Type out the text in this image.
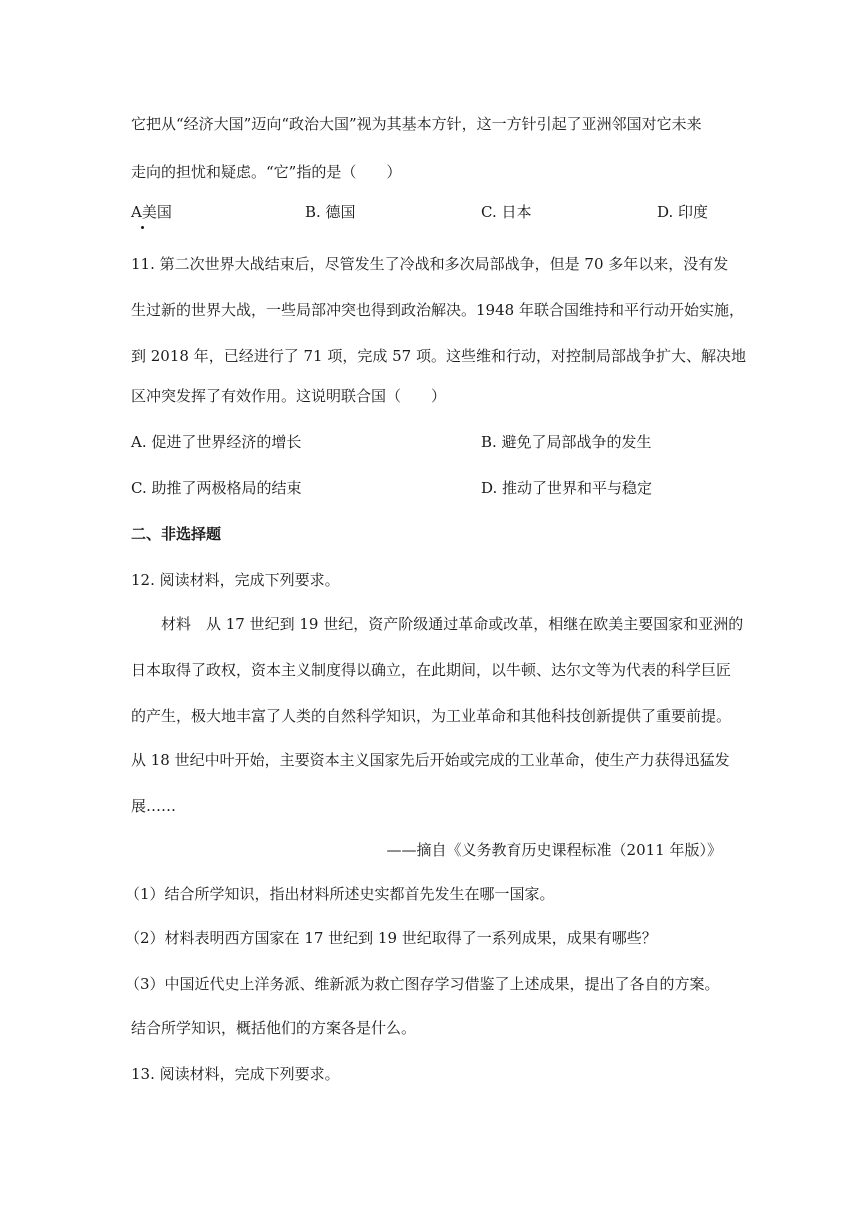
它把从“经济大国”迈向“政治大国”视为其基本方针，这一方针引起了亚洲邻国对它未来
走向的担忧和疑虑。“它”指的是（　　）
A美国	B. 德国	C. 日本	D. 印度
11. 第二次世界大战结束后，尽管发生了冷战和多次局部战争，但是 70 多年以来，没有发
生过新的世界大战，一些局部冲突也得到政治解决。1948 年联合国维持和平行动开始实施，
到 2018 年，已经进行了 71 项，完成 57 项。这些维和行动，对控制局部战争扩大、解决地
区冲突发挥了有效作用。这说明联合国（　　）
A. 促进了世界经济的增长	B. 避免了局部战争的发生
C. 助推了两极格局的结束	D. 推动了世界和平与稳定
二、非选择题
12. 阅读材料，完成下列要求。
材料　从 17 世纪到 19 世纪，资产阶级通过革命或改革，相继在欧美主要国家和亚洲的
日本取得了政权，资本主义制度得以确立，在此期间，以牛顿、达尔文等为代表的科学巨匠
的产生，极大地丰富了人类的自然科学知识，为工业革命和其他科技创新提供了重要前提。
从 18 世纪中叶开始，主要资本主义国家先后开始或完成的工业革命，使生产力获得迅猛发
展……
——摘自《义务教育历史课程标准（2011 年版）》
（1）结合所学知识，指出材料所述史实都首先发生在哪一国家。
（2）材料表明西方国家在 17 世纪到 19 世纪取得了一系列成果，成果有哪些？
（3）中国近代史上洋务派、维新派为救亡图存学习借鉴了上述成果，提出了各自的方案。
结合所学知识，概括他们的方案各是什么。
13. 阅读材料，完成下列要求。
